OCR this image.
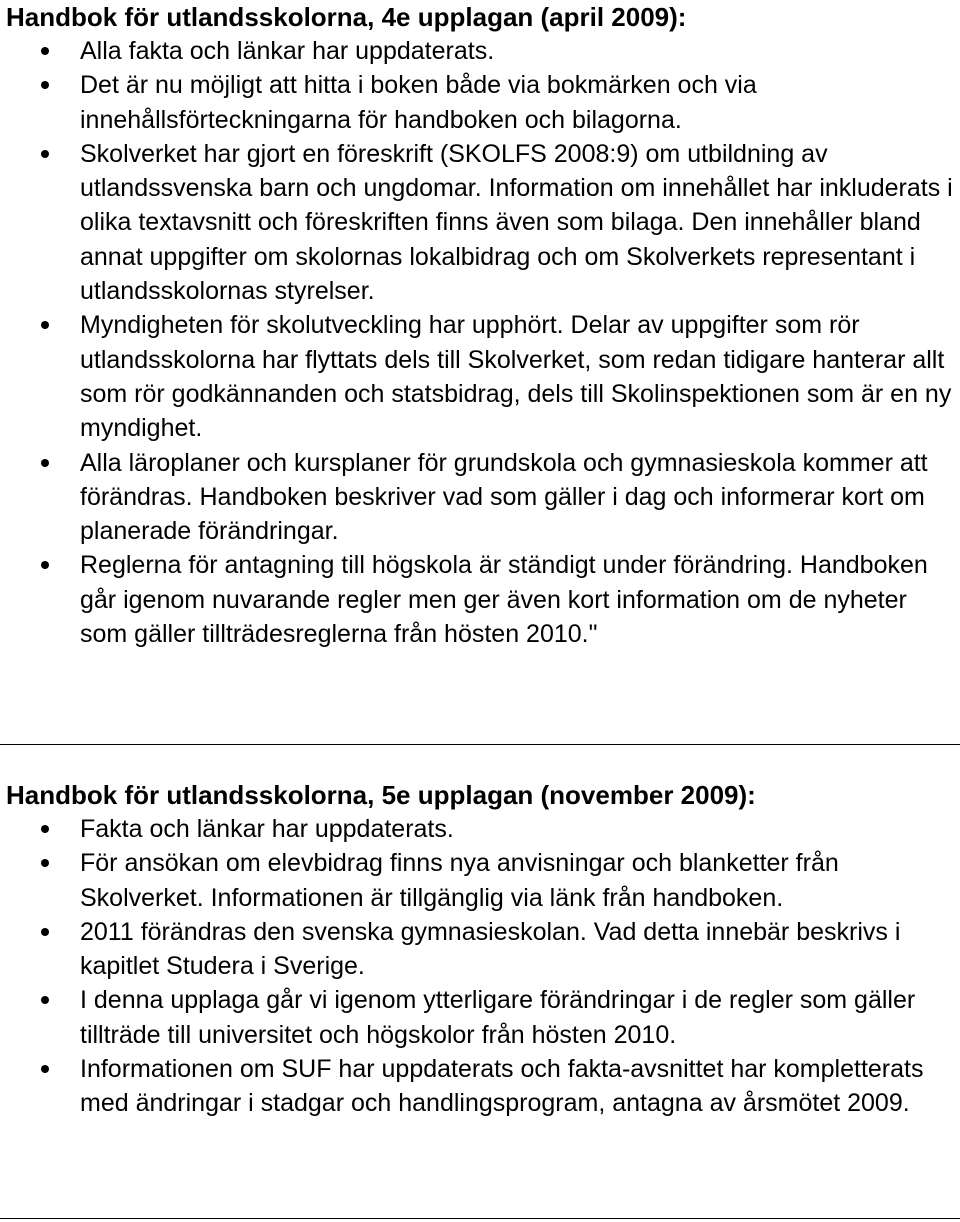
Handbok för utlandsskolorna, 4e upplagan (april 2009):
Alla fakta och länkar har uppdaterats.
Det är nu möjligt att hitta i boken både via bokmärken och via innehållsförteckningarna för handboken och bilagorna.
Skolverket har gjort en föreskrift (SKOLFS 2008:9) om utbildning av utlandssvenska barn och ungdomar. Information om innehållet har inkluderats i olika textavsnitt och föreskriften finns även som bilaga. Den innehåller bland annat uppgifter om skolornas lokalbidrag och om Skolverkets representant i utlandsskolornas styrelser.
Myndigheten för skolutveckling har upphört. Delar av uppgifter som rör utlandsskolorna har flyttats dels till Skolverket, som redan tidigare hanterar allt som rör godkännanden och statsbidrag, dels till Skolinspektionen som är en ny myndighet.
Alla läroplaner och kursplaner för grundskola och gymnasieskola kommer att förändras. Handboken beskriver vad som gäller i dag och informerar kort om planerade förändringar.
Reglerna för antagning till högskola är ständigt under förändring. Handboken går igenom nuvarande regler men ger även kort information om de nyheter som gäller tillträdesreglerna från hösten 2010."
Handbok för utlandsskolorna, 5e upplagan (november 2009):
Fakta och länkar har uppdaterats.
För ansökan om elevbidrag finns nya anvisningar och blanketter från Skolverket. Informationen är tillgänglig via länk från handboken.
2011 förändras den svenska gymnasieskolan. Vad detta innebär beskrivs i kapitlet Studera i Sverige.
I denna upplaga går vi igenom ytterligare förändringar i de regler som gäller tillträde till universitet och högskolor från hösten 2010.
Informationen om SUF har uppdaterats och fakta-avsnittet har kompletterats med ändringar i stadgar och handlingsprogram, antagna av årsmötet 2009.
